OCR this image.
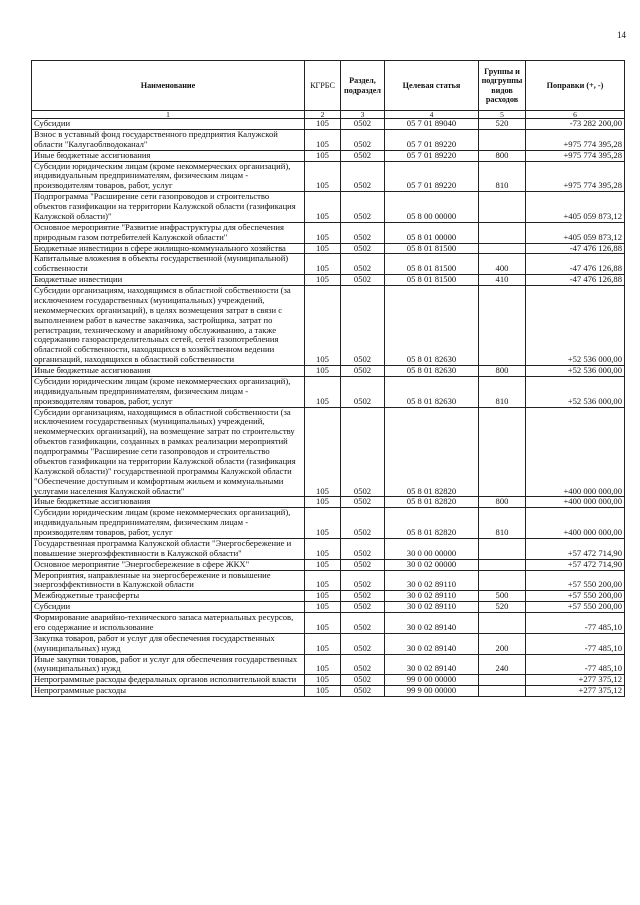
14
Наименование	КГРБС	Раздел, подраздел	Целевая статья	Группы и подгруппы видов расходов	Поправки (+, -)
1	2	3	4	5	6
Субсидии	105	0502	05 7 01 89040	520	-73 282 200,00
Взнос в уставный фонд государственного предприятия Калужской области "Калугаоблводоканал"	105	0502	05 7 01 89220		+975 774 395,28
Иные бюджетные ассигнования	105	0502	05 7 01 89220	800	+975 774 395,28
Субсидии юридическим лицам (кроме некоммерческих организаций), индивидуальным предпринимателям, физическим лицам - производителям товаров, работ, услуг	105	0502	05 7 01 89220	810	+975 774 395,28
Подпрограмма "Расширение сети газопроводов и строительство объектов газификации на территории Калужской области (газификация Калужской области)"	105	0502	05 8 00 00000		+405 059 873,12
Основное мероприятие "Развитие инфраструктуры для обеспечения природным газом потребителей Калужской области"	105	0502	05 8 01 00000		+405 059 873,12
Бюджетные инвестиции в сфере жилищно-коммунального хозяйства	105	0502	05 8 01 81500		-47 476 126,88
Капитальные вложения в объекты государственной (муниципальной) собственности	105	0502	05 8 01 81500	400	-47 476 126,88
Бюджетные инвестиции	105	0502	05 8 01 81500	410	-47 476 126,88
Субсидии организациям, находящимся в областной собственности (за исключением государственных (муниципальных) учреждений, некоммерческих организаций), в целях возмещения затрат в связи с выполнением работ в качестве заказчика, застройщика, затрат по регистрации, техническому и аварийному обслуживанию, а также содержанию газораспределительных сетей, сетей газопотребления областной собственности, находящихся в хозяйственном ведении организаций, находящихся в областной собственности	105	0502	05 8 01 82630		+52 536 000,00
Иные бюджетные ассигнования	105	0502	05 8 01 82630	800	+52 536 000,00
Субсидии юридическим лицам (кроме некоммерческих организаций), индивидуальным предпринимателям, физическим лицам - производителям товаров, работ, услуг	105	0502	05 8 01 82630	810	+52 536 000,00
Субсидии организациям, находящимся в областной собственности (за исключением государственных (муниципальных) учреждений, некоммерческих организаций), на возмещение затрат по строительству объектов газификации, созданных в рамках реализации мероприятий подпрограммы "Расширение сети газопроводов и строительство объектов газификации на территории Калужской области (газификация Калужской области)" государственной программы Калужской области "Обеспечение доступным и комфортным жильем и коммунальными услугами населения Калужской области"	105	0502	05 8 01 82820		+400 000 000,00
Иные бюджетные ассигнования	105	0502	05 8 01 82820	800	+400 000 000,00
Субсидии юридическим лицам (кроме некоммерческих организаций), индивидуальным предпринимателям, физическим лицам - производителям товаров, работ, услуг	105	0502	05 8 01 82820	810	+400 000 000,00
Государственная программа Калужской области "Энергосбережение и повышение энергоэффективности в Калужской области"	105	0502	30 0 00 00000		+57 472 714,90
Основное мероприятие "Энергосбережение в сфере ЖКХ"	105	0502	30 0 02 00000		+57 472 714,90
Мероприятия, направленные на энергосбережение и повышение энергоэффективности в Калужской области	105	0502	30 0 02 89110		+57 550 200,00
Межбюджетные трансферты	105	0502	30 0 02 89110	500	+57 550 200,00
Субсидии	105	0502	30 0 02 89110	520	+57 550 200,00
Формирование аварийно-технического запаса материальных ресурсов, его содержание и использование	105	0502	30 0 02 89140		-77 485,10
Закупка товаров, работ и услуг для обеспечения государственных (муниципальных) нужд	105	0502	30 0 02 89140	200	-77 485,10
Иные закупки товаров, работ и услуг для обеспечения государственных (муниципальных) нужд	105	0502	30 0 02 89140	240	-77 485,10
Непрограммные расходы федеральных органов исполнительной власти	105	0502	99 0 00 00000		+277 375,12
Непрограммные расходы	105	0502	99 9 00 00000		+277 375,12
